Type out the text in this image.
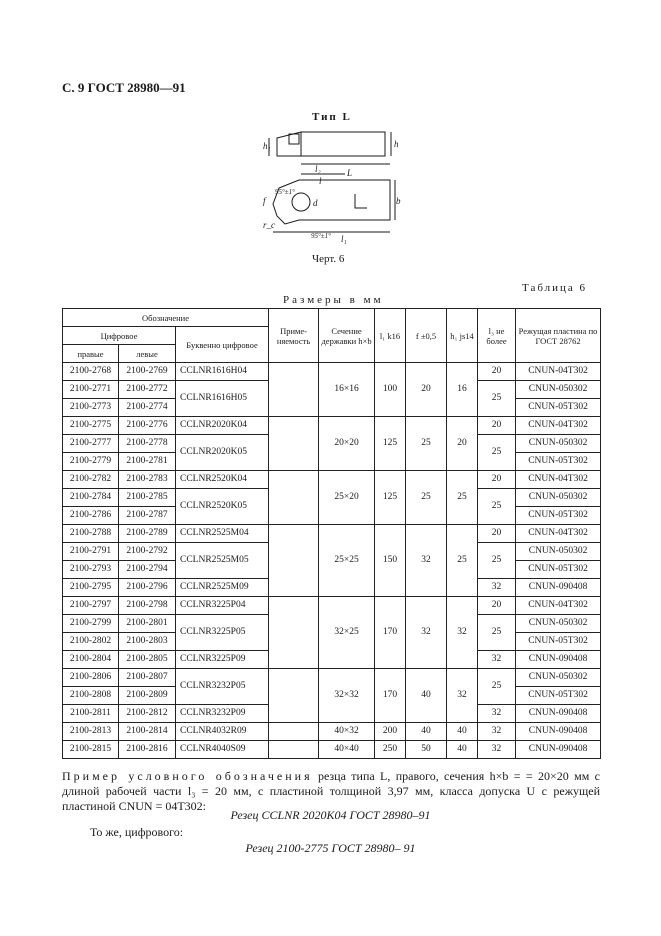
С. 9 ГОСТ 28980—91
Тип L
h₁	h
l₂	L
l
f	d	b
l₁
r_c
95°±1°
95°±1°
Черт. 6
Таблица 6
Размеры в мм
Обозначение			Приме-няемость	Сечение державки h×b	l₁ k16	f ±0,5	h₁ js14	l₃ не более	Режущая пластина по ГОСТ 28762
Цифровое		Буквенно цифровое							
правые	левые								
2100-2768	2100-2769	CCLNR1616H04		16×16	100	20	16	20	CNUN-04T302
2100-2771	2100-2772	CCLNR1616H05						25	CNUN-050302
2100-2773	2100-2774								CNUN-05T302
2100-2775	2100-2776	CCLNR2020K04		20×20	125	25	20	20	CNUN-04T302
2100-2777	2100-2778	CCLNR2020K05						25	CNUN-050302
2100-2779	2100-2781								CNUN-05T302
2100-2782	2100-2783	CCLNR2520K04		25×20	125	25	25	20	CNUN-04T302
2100-2784	2100-2785	CCLNR2520K05						25	CNUN-050302
2100-2786	2100-2787								CNUN-05T302
2100-2788	2100-2789	CCLNR2525M04		25×25	150	32	25	20	CNUN-04T302
2100-2791	2100-2792	CCLNR2525M05						25	CNUN-050302
2100-2793	2100-2794								CNUN-05T302
2100-2795	2100-2796	CCLNR2525M09						32	CNUN-090408
2100-2797	2100-2798	CCLNR3225P04		32×25	170	32	32	20	CNUN-04T302
2100-2799	2100-2801	CCLNR3225P05						25	CNUN-050302
2100-2802	2100-2803								CNUN-05T302
2100-2804	2100-2805	CCLNR3225P09						32	CNUN-090408
2100-2806	2100-2807	CCLNR3232P05		32×32	170	40	32	25	CNUN-050302
2100-2808	2100-2809								CNUN-05T302
2100-2811	2100-2812	CCLNR3232P09						32	CNUN-090408
2100-2813	2100-2814	CCLNR4032R09		40×32	200	40	40	32	CNUN-090408
2100-2815	2100-2816	CCLNR4040S09		40×40	250	50	40	32	CNUN-090408
Пример условного обозначения резца типа L, правого, сечения h×b = = 20×20 мм с длиной рабочей части l₃ = 20 мм, с пластиной толщиной 3,97 мм, класса допуска U с режущей пластиной CNUN = 04T302:
Резец CCLNR 2020K04 ГОСТ 28980–91
То же, цифрового:
Резец 2100-2775 ГОСТ 28980– 91
